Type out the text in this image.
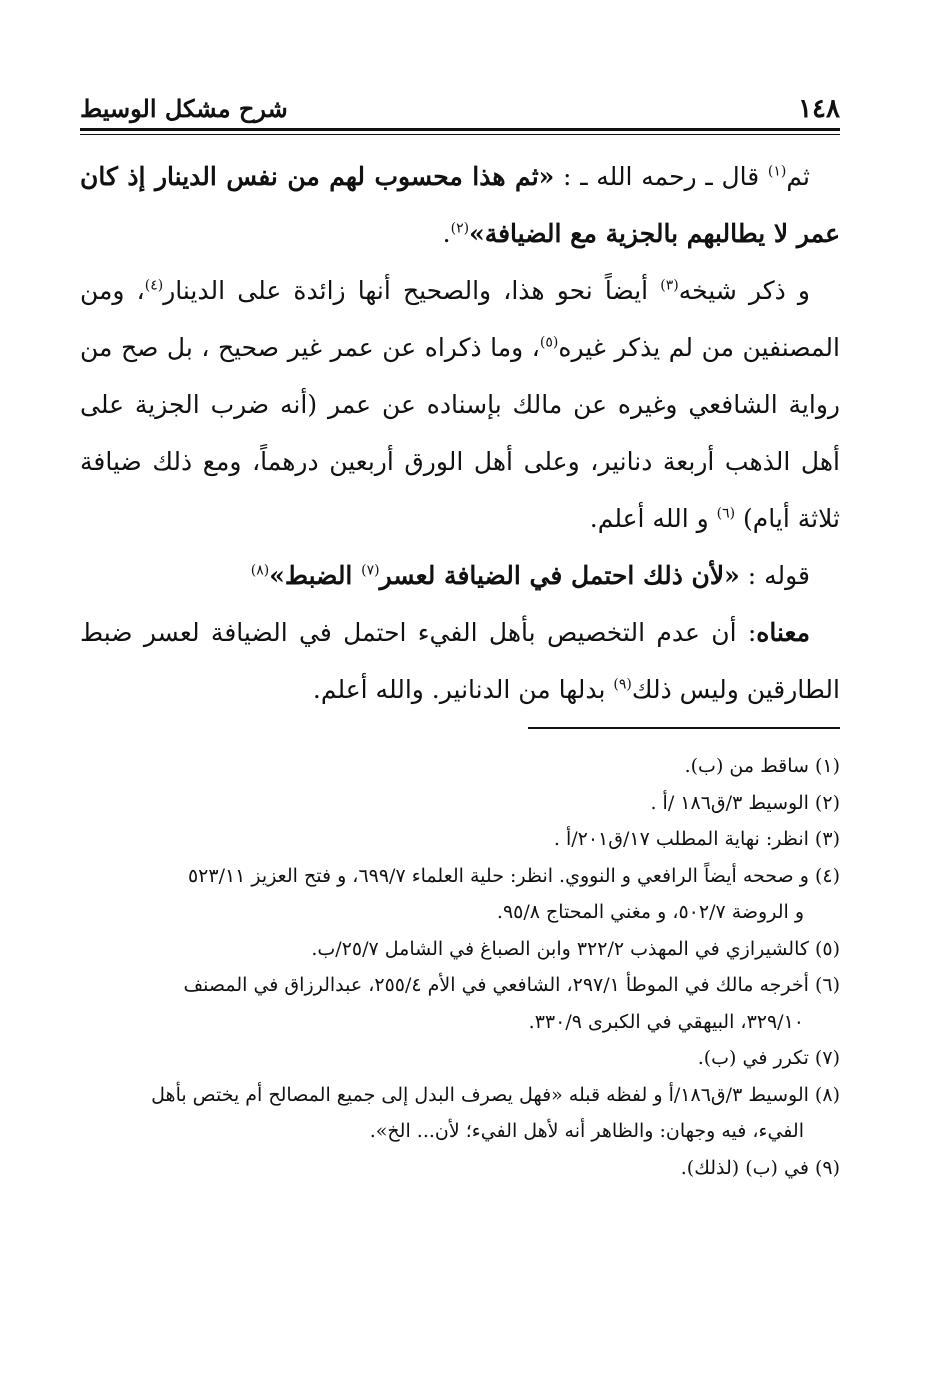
١٤٨
شرح مشكل الوسيط

ثم$^{(١)}$ قال ـ رحمه الله ـ : «ثم هذا محسوب لهم من نفس الدينار إذ كان عمر لا يطالبهم بالجزية مع الضيافة»$^{(٢)}$.

و ذكر شيخه$^{(٣)}$ أيضاً نحو هذا، والصحيح أنها زائدة على الدينار$^{(٤)}$، ومن المصنفين من لم يذكر غيره$^{(٥)}$، وما ذكراه عن عمر غير صحيح ، بل صح من رواية الشافعي وغيره عن مالك بإسناده عن عمر (أنه ضرب الجزية على أهل الذهب أربعة دنانير، وعلى أهل الورق أربعين درهماً، ومع ذلك ضيافة ثلاثة أيام) $^{(٦)}$ و الله أعلم.

قوله : «لأن ذلك احتمل في الضيافة لعسر$^{(٧)}$ الضبط»$^{(٨)}$

معناه: أن عدم التخصيص بأهل الفيء احتمل في الضيافة لعسر ضبط الطارقين وليس ذلك$^{(٩)}$ بدلها من الدنانير. والله أعلم.

(١) ساقط من (ب).

(٢) الوسيط ٣/ق١٨٦ /أ .

(٣) انظر: نهاية المطلب ١٧/ق٢٠١/أ .

(٤) و صححه أيضاً الرافعي و النووي. انظر: حلية العلماء ٦٩٩/٧، و فتح العزيز ٥٢٣/١١

و الروضة ٥٠٢/٧، و مغني المحتاج ٩٥/٨.

(٥) كالشيرازي في المهذب ٣٢٢/٢ وابن الصباغ في الشامل ٢٥/٧/ب.

(٦) أخرجه مالك في الموطأ ٢٩٧/١، الشافعي في الأم ٢٥٥/٤، عبدالرزاق في المصنف

٣٢٩/١٠، البيهقي في الكبرى ٣٣٠/٩.

(٧) تكرر في (ب).

(٨) الوسيط ٣/ق١٨٦/أ و لفظه قبله «فهل يصرف البدل إلى جميع المصالح أم يختص بأهل

الفيء، فيه وجهان: والظاهر أنه لأهل الفيء؛ لأن... الخ».

(٩) في (ب) (لذلك).
